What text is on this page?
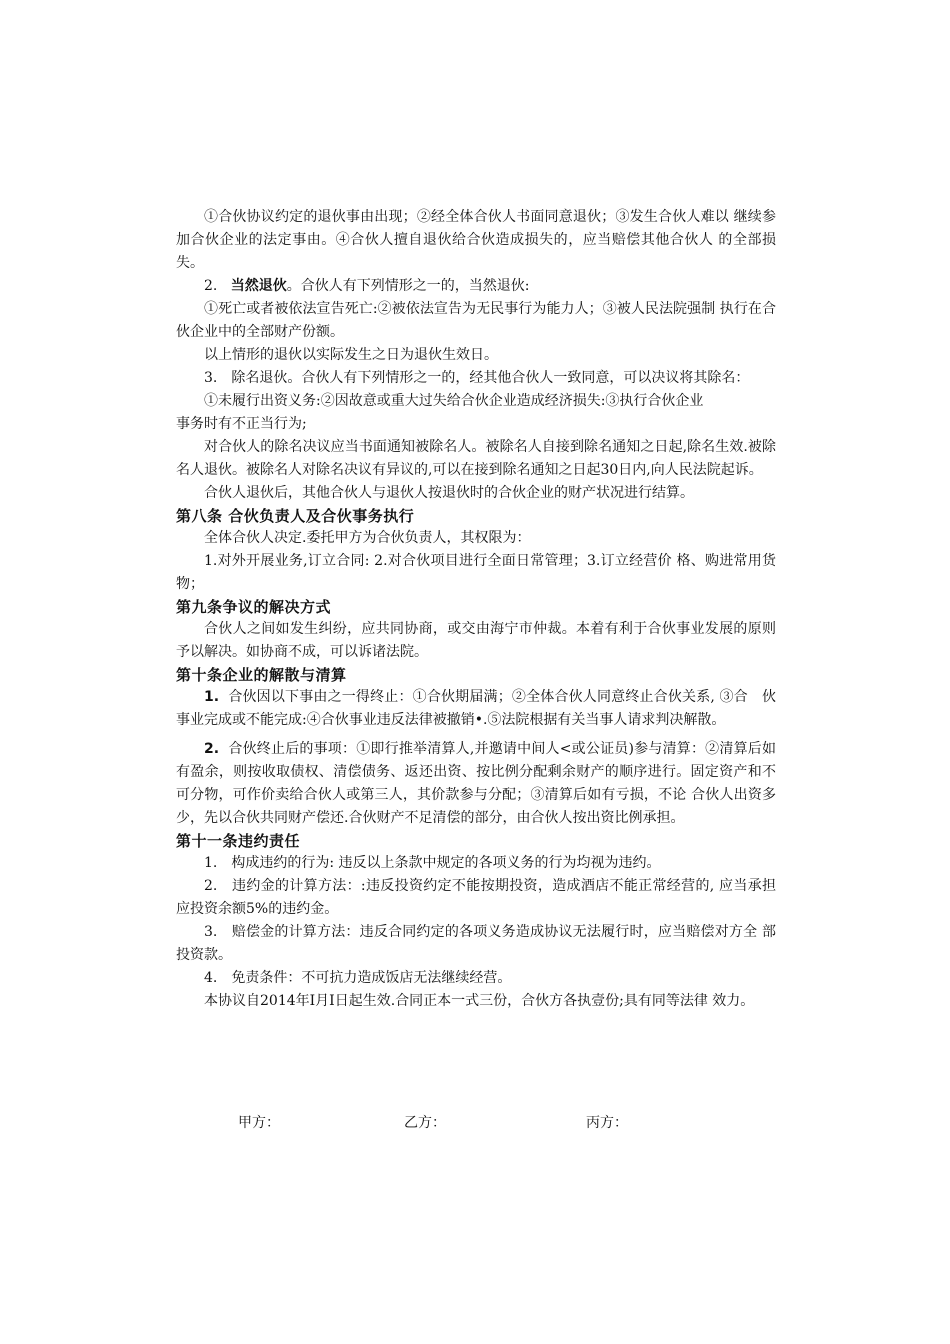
①合伙协议约定的退伙事由出现；②经全体合伙人书面同意退伙；③发生合伙人难以 继续参加合伙企业的法定事由。④合伙人擅自退伙给合伙造成损失的，应当赔偿其他合伙人 的全部损失。

2. 当然退伙。合伙人有下列情形之一的，当然退伙:

①死亡或者被依法宣告死亡:②被依法宣告为无民事行为能力人；③被人民法院强制 执行在合伙企业中的全部财产份额。

以上情形的退伙以实际发生之日为退伙生效日。

3.　除名退伙。合伙人有下列情形之一的，经其他合伙人一致同意，可以决议将其除名：

①未履行出资义务:②因故意或重大过失给合伙企业造成经济损失:③执行合伙企业

事务时有不正当行为;

对合伙人的除名决议应当书面通知被除名人。被除名人自接到除名通知之日起,除名生效.被除名人退伙。被除名人对除名决议有异议的,可以在接到除名通知之日起30日内,向人民法院起诉。

合伙人退伙后，其他合伙人与退伙人按退伙时的合伙企业的财产状况进行结算。

第八条 合伙负责人及合伙事务执行

全体合伙人决定.委托甲方为合伙负责人，其权限为：

1.对外开展业务,订立合同: 2.对合伙项目进行全面日常管理；3.订立经营价 格、购进常用货物；

第九条争议的解决方式

合伙人之间如发生纠纷，应共同协商，或交由海宁市仲裁。本着有利于合伙事业发展的原则予以解决。如协商不成，可以诉诸法院。

第十条企业的解散与清算

1. 合伙因以下事由之一得终止：①合伙期届满；②全体合伙人同意终止合伙关系, ③合　伙事业完成或不能完成:④合伙事业违反法律被撤销•.⑤法院根据有关当事人请求判决解散。

2. 合伙终止后的事项：①即行推举清算人,并邀请中间人<或公证员)参与清算：②清算后如有盈余，则按收取债权、清偿债务、返还出资、按比例分配剩余财产的顺序进行。固定资产和不可分物，可作价卖给合伙人或第三人，其价款参与分配；③清算后如有亏损，不论 合伙人出资多少，先以合伙共同财产偿还.合伙财产不足清偿的部分，由合伙人按出资比例承担。

第十一条违约责任

1.　构成违约的行为: 违反以上条款中规定的各项义务的行为均视为违约。

2.　违约金的计算方法：:违反投资约定不能按期投资，造成酒店不能正常经营的, 应当承担应投资余额5%的违约金。

3.　赔偿金的计算方法：违反合同约定的各项义务造成协议无法履行时，应当赔偿对方全 部投资款。

4.　免责条件：不可抗力造成饭店无法继续经营。

本协议自2014年I月I日起生效.合同正本一式三份，合伙方各执壹份;具有同等法律 效力。

甲方：	乙方：	丙方：
